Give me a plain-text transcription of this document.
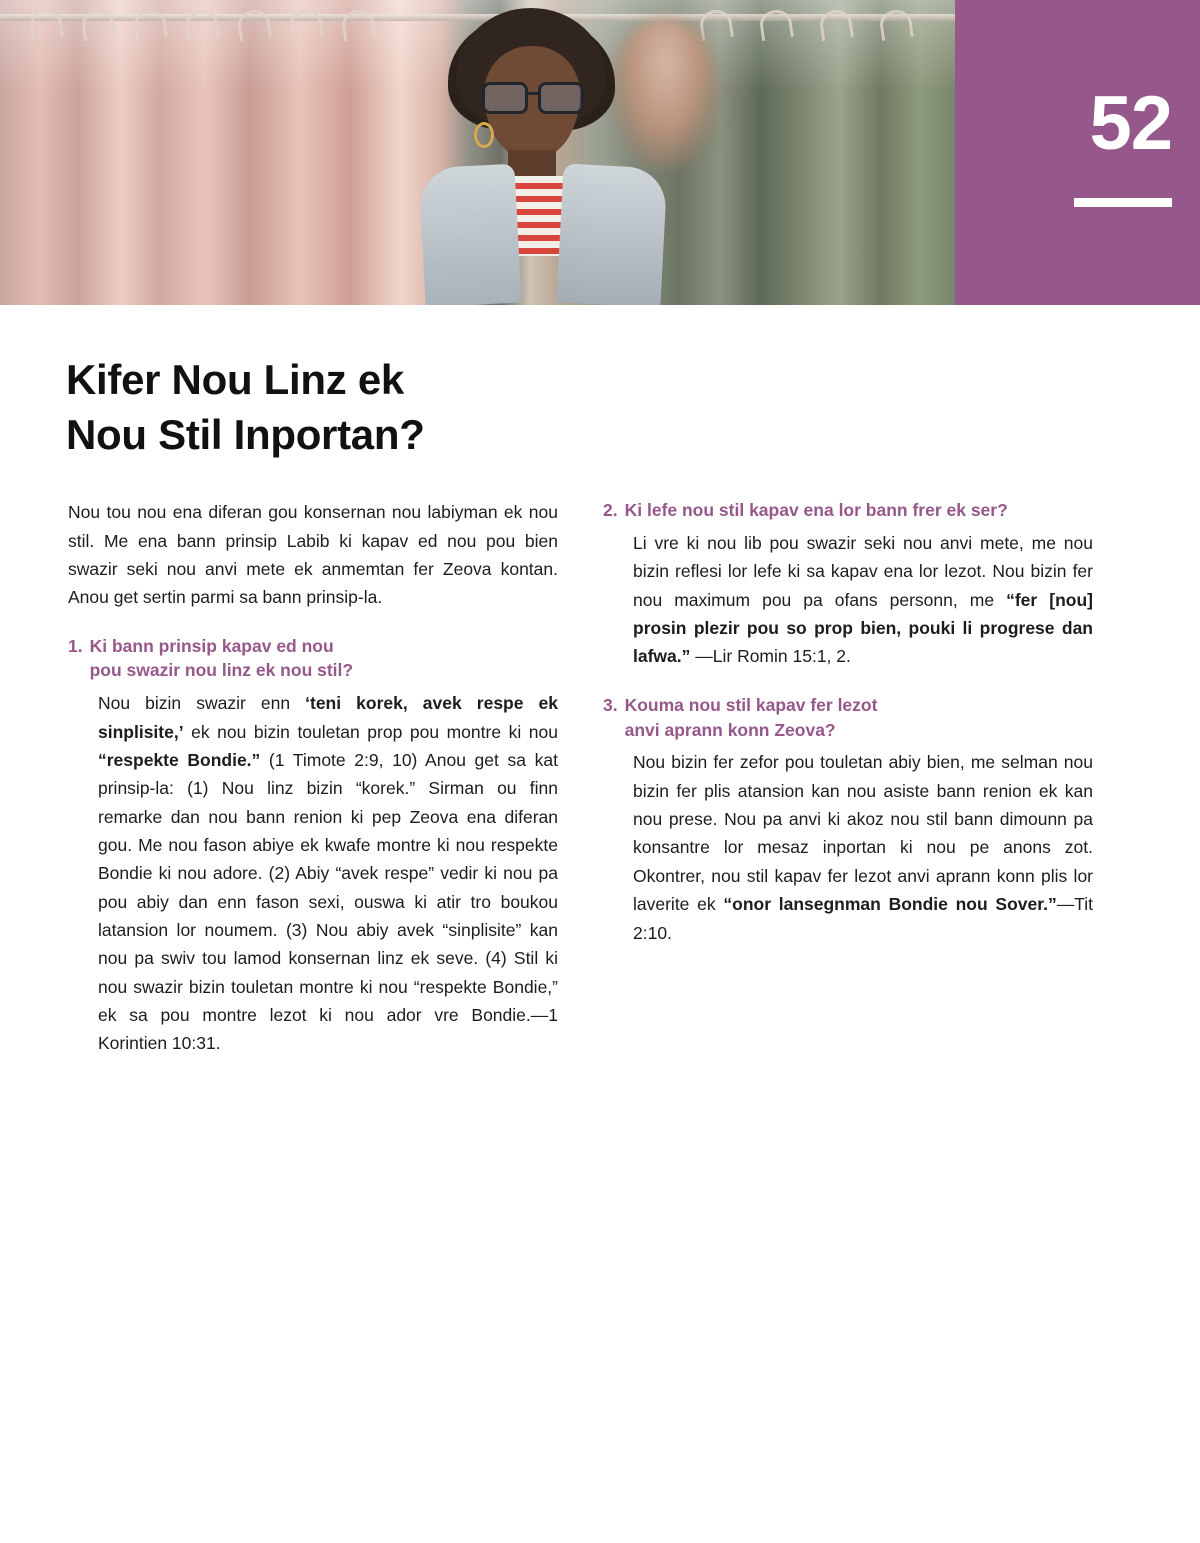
52
Kifer Nou Linz ek
Nou Stil Inportan?

Nou tou nou ena diferan gou konsernan nou labiyman ek nou stil. Me ena bann prinsip Labib ki kapav ed nou pou bien swazir seki nou anvi mete ek anmemtan fer Zeova kontan. Anou get sertin parmi sa bann prinsip-la.

1. Ki bann prinsip kapav ed nou
pou swazir nou linz ek nou stil?

Nou bizin swazir enn ‘teni korek, avek respe ek sinplisite,’ ek nou bizin touletan prop pou montre ki nou “respekte Bondie.” (1 Timote 2:9, 10) Anou get sa kat prinsip-la: (1) Nou linz bizin “korek.” Sirman ou finn remarke dan nou bann renion ki pep Zeova ena diferan gou. Me nou fason abiye ek kwafe montre ki nou respekte Bondie ki nou adore. (2) Abiy “avek respe” vedir ki nou pa pou abiy dan enn fason sexi, ouswa ki atir tro boukou latansion lor noumem. (3) Nou abiy avek “sinplisite” kan nou pa swiv tou lamod konsernan linz ek seve. (4) Stil ki nou swazir bizin touletan montre ki nou “respekte Bondie,” ek sa pou montre lezot ki nou ador vre Bondie.—1 Korintien 10:31.

2. Ki lefe nou stil kapav ena lor bann frer ek ser?

Li vre ki nou lib pou swazir seki nou anvi mete, me nou bizin reflesi lor lefe ki sa kapav ena lor lezot. Nou bizin fer nou maximum pou pa ofans personn, me “fer [nou] prosin plezir pou so prop bien, pouki li progrese dan lafwa.” —Lir Romin 15:1, 2.

3. Kouma nou stil kapav fer lezot
anvi aprann konn Zeova?

Nou bizin fer zefor pou touletan abiy bien, me selman nou bizin fer plis atansion kan nou asiste bann renion ek kan nou prese. Nou pa anvi ki akoz nou stil bann dimounn pa konsantre lor mesaz inportan ki nou pe anons zot. Okontrer, nou stil kapav fer lezot anvi aprann konn plis lor laverite ek “onor lansegnman Bondie nou Sover.”—Tit 2:10.
